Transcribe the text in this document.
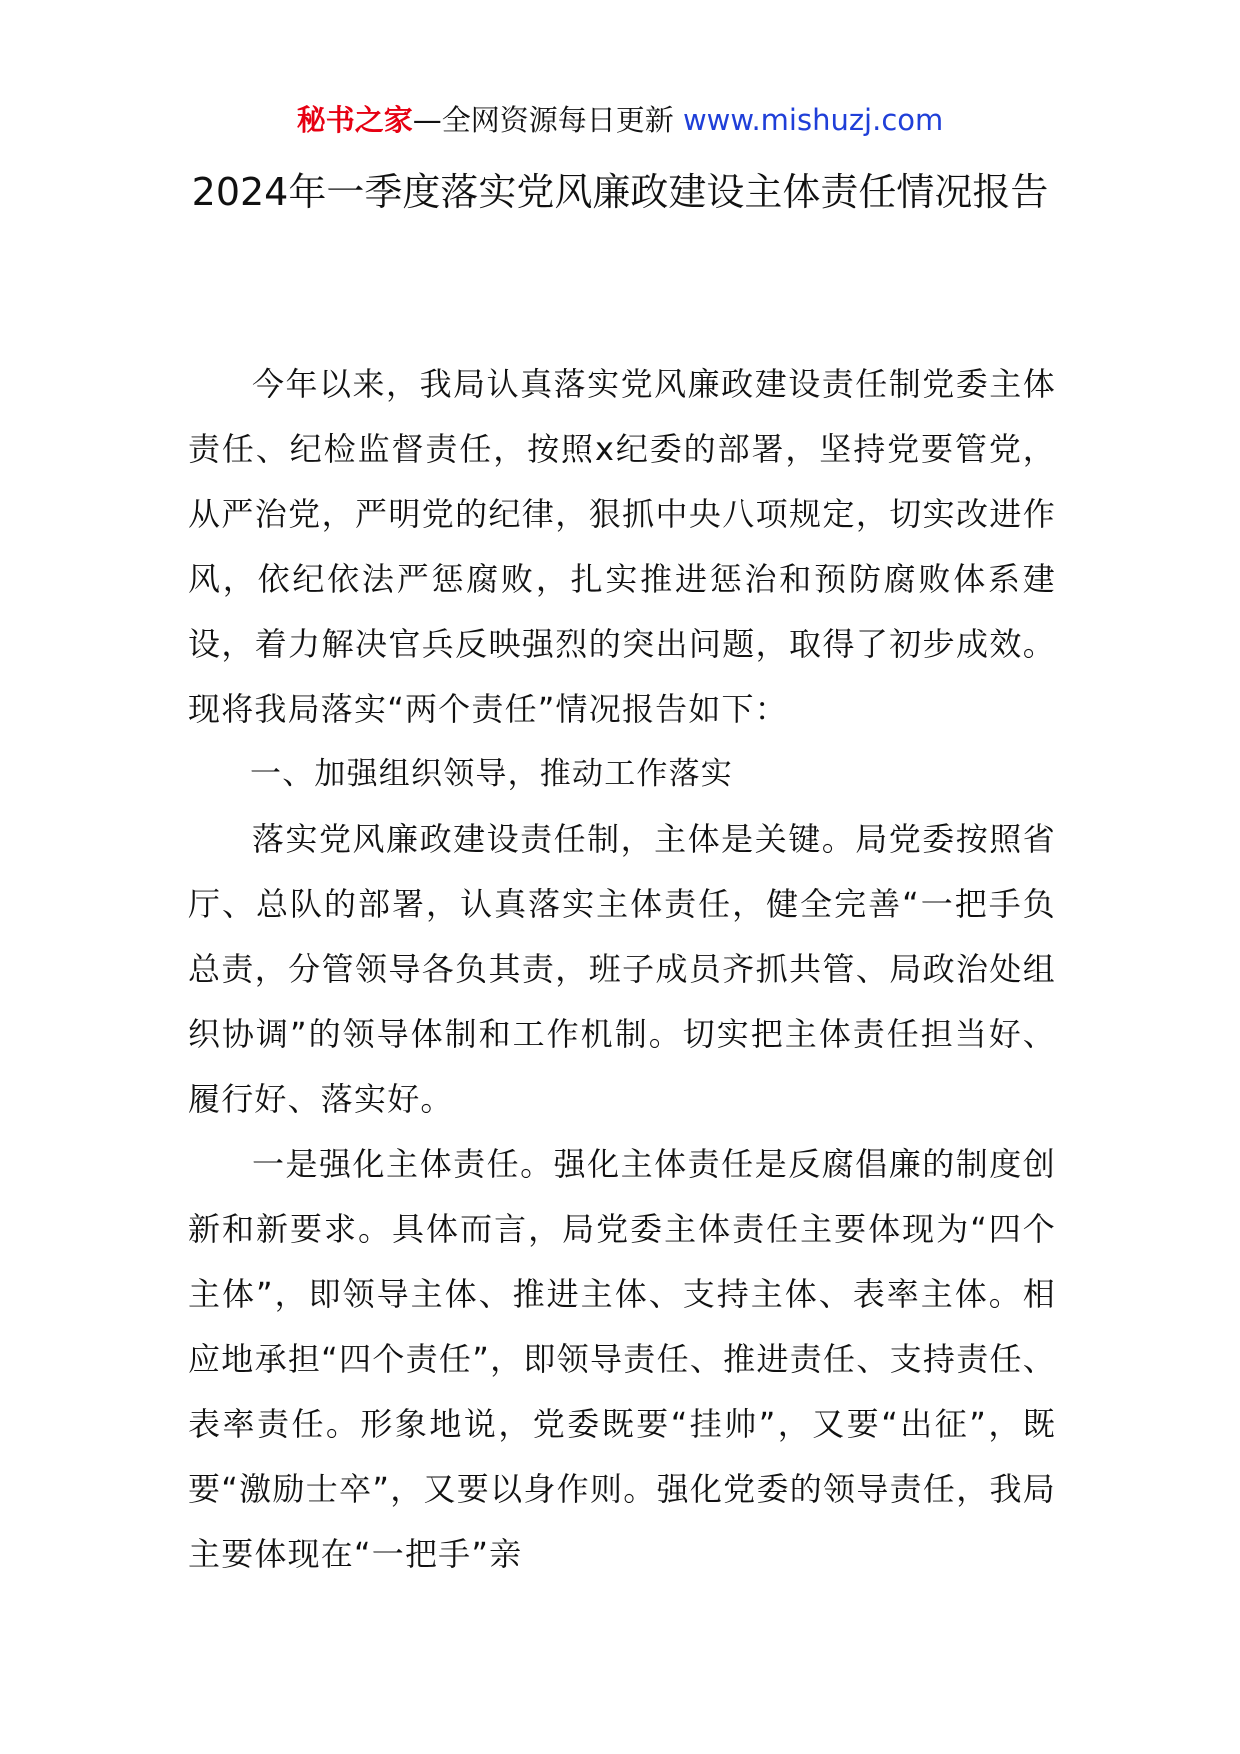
秘书之家—全网资源每日更新 www.mishuzj.com
2024年一季度落实党风廉政建设主体责任情况报告

今年以来，我局认真落实党风廉政建设责任制党委主体责任、纪检监督责任，按照x纪委的部署，坚持党要管党，从严治党，严明党的纪律，狠抓中央八项规定，切实改进作风，依纪依法严惩腐败，扎实推进惩治和预防腐败体系建设，着力解决官兵反映强烈的突出问题，取得了初步成效。现将我局落实“两个责任”情况报告如下：

一、加强组织领导，推动工作落实

落实党风廉政建设责任制，主体是关键。局党委按照省厅、总队的部署，认真落实主体责任，健全完善“一把手负总责，分管领导各负其责，班子成员齐抓共管、局政治处组织协调”的领导体制和工作机制。切实把主体责任担当好、履行好、落实好。

一是强化主体责任。强化主体责任是反腐倡廉的制度创新和新要求。具体而言，局党委主体责任主要体现为“四个主体”，即领导主体、推进主体、支持主体、表率主体。相应地承担“四个责任”，即领导责任、推进责任、支持责任、表率责任。形象地说，党委既要“挂帅”，又要“出征”，既要“激励士卒”，又要以身作则。强化党委的领导责任，我局主要体现在“一把手”亲
